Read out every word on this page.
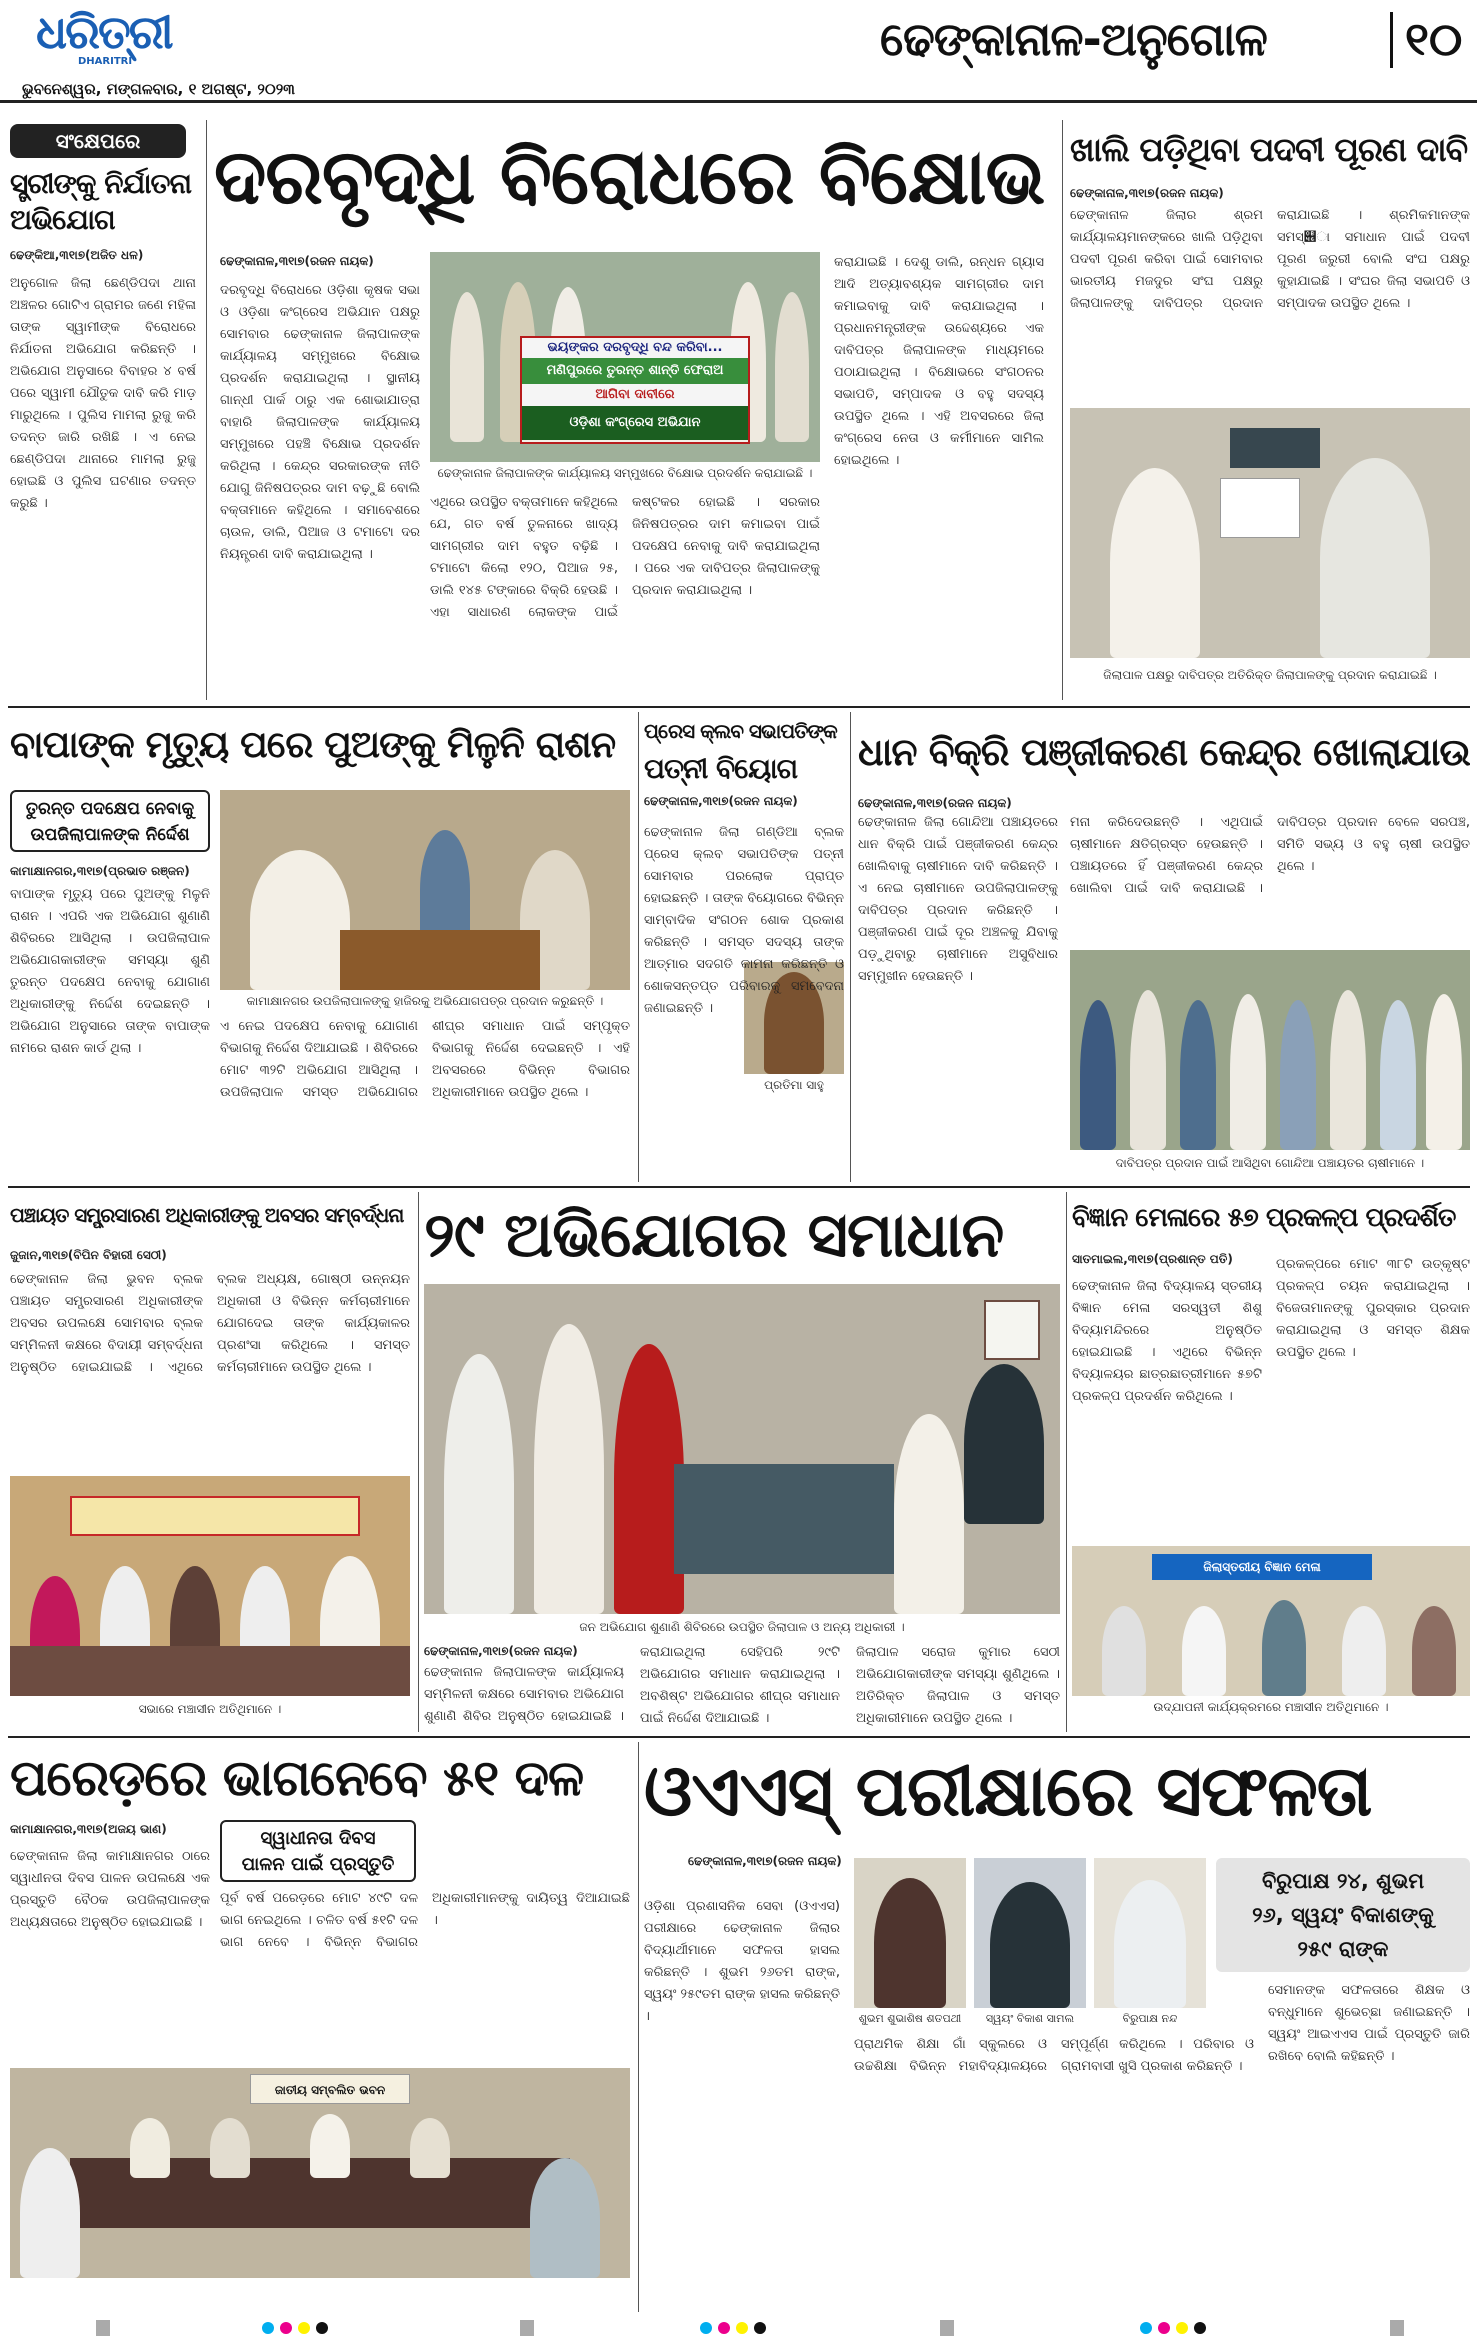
ଧରିତ୍ରୀ
DHARITRI
ଭୁବନେଶ୍ୱର, ମଙ୍ଗଳବାର, ୧ ଅଗଷ୍ଟ, ୨୦୨୩
ଢେଙ୍କାନାଳ-ଅନୁଗୋଳ	୧୦
ସଂକ୍ଷେପରେ
ସ୍ତ୍ରୀଙ୍କୁ ନିର୍ଯାତନା
ଅଭିଯୋଗ
ଢେଙ୍କିଆ,୩୧ା୭(ଅଜିତ ଧଳ)
ଅନୁଗୋଳ ଜିଲା ଛେଣ୍ଡିପଦା ଥାନା ଅଞ୍ଚଳର ଗୋଟିଏ ଗ୍ରାମର ଜଣେ ମହିଳା ତାଙ୍କ ସ୍ୱାମୀଙ୍କ ବିରୋଧରେ ନିର୍ଯାତନା ଅଭିଯୋଗ କରିଛନ୍ତି । ଅଭିଯୋଗ ଅନୁସାରେ ବିବାହର ୪ ବର୍ଷ ପରେ ସ୍ୱାମୀ ଯୌତୁକ ଦାବି କରି ମାଡ଼ ମାରୁଥିଲେ । ପୁଲିସ ମାମଲା ରୁଜୁ କରି ତଦନ୍ତ ଜାରି ରଖିଛି । ଏ ନେଇ ଛେଣ୍ଡିପଦା ଥାନାରେ ମାମଲା ରୁଜୁ ହୋଇଛି ଓ ପୁଲିସ ଘଟଣାର ତଦନ୍ତ କରୁଛି ।
ଦରବୃଦ୍ଧି ବିରୋଧରେ ବିକ୍ଷୋଭ
ଢେଙ୍କାନାଳ,୩୧ା୭(ରଜନ ନାୟକ)
ଭୟଙ୍କର ଦରବୃଦ୍ଧି ବନ୍ଦ କରିବା...
ମଣିପୁରରେ ତୁରନ୍ତ ଶାନ୍ତି ଫେରାଅ
ଆଗିବା ଦାବୀରେ
ଓଡ଼ିଶା କଂଗ୍ରେସ ଅଭିଯାନ
ଢେଙ୍କାନାଳ ଜିଲାପାଳଙ୍କ କାର୍ଯ୍ୟାଳୟ ସମ୍ମୁଖରେ ବିକ୍ଷୋଭ ପ୍ରଦର୍ଶନ କରାଯାଇଛି ।
ଦରବୃଦ୍ଧି ବିରୋଧରେ ଓଡ଼ିଶା କୃଷକ ସଭା ଓ ଓଡ଼ିଶା କଂଗ୍ରେସ ଅଭିଯାନ ପକ୍ଷରୁ ସୋମବାର ଢେଙ୍କାନାଳ ଜିଲାପାଳଙ୍କ କାର୍ଯ୍ୟାଳୟ ସମ୍ମୁଖରେ ବିକ୍ଷୋଭ ପ୍ରଦର୍ଶନ କରାଯାଇଥିଲା । ସ୍ଥାନୀୟ ଗାନ୍ଧୀ ପାର୍କ ଠାରୁ ଏକ ଶୋଭାଯାତ୍ରା ବାହାରି ଜିଲାପାଳଙ୍କ କାର୍ଯ୍ୟାଳୟ ସମ୍ମୁଖରେ ପହଞ୍ଚି ବିକ୍ଷୋଭ ପ୍ରଦର୍ଶନ କରିଥିଲା । କେନ୍ଦ୍ର ସରକାରଙ୍କ ନୀତି ଯୋଗୁ ଜିନିଷପତ୍ରର ଦାମ ବଢ଼ୁଛି ବୋଲି ବକ୍ତାମାନେ କହିଥିଲେ । ସମାବେଶରେ ଚାଉଳ, ଡାଲି, ପିଆଜ ଓ ଟମାଟୋ ଦର ନିୟନ୍ତ୍ରଣ ଦାବି କରାଯାଇଥିଲା ।
ଏଥିରେ ଉପସ୍ଥିତ ବକ୍ତାମାନେ କହିଥିଲେ ଯେ, ଗତ ବର୍ଷ ତୁଳନାରେ ଖାଦ୍ୟ ସାମଗ୍ରୀର ଦାମ ବହୁତ ବଢ଼ିଛି । ଟମାଟୋ କିଲୋ ୧୨୦, ପିଆଜ ୨୫, ଡାଲି ୧୪୫ ଟଙ୍କାରେ ବିକ୍ରି ହେଉଛି । ଏହା ସାଧାରଣ ଲୋକଙ୍କ ପାଇଁ କଷ୍ଟକର ହୋଇଛି । ସରକାର ଜିନିଷପତ୍ରର ଦାମ କମାଇବା ପାଇଁ ପଦକ୍ଷେପ ନେବାକୁ ଦାବି କରାଯାଇଥିଲା । ପରେ ଏକ ଦାବିପତ୍ର ଜିଲାପାଳଙ୍କୁ ପ୍ରଦାନ କରାଯାଇଥିଲା ।
କରାଯାଇଛି । ଦେଶୁ ଡାଲି, ରନ୍ଧନ ଗ୍ୟାସ ଆଦି ଅତ୍ୟାବଶ୍ୟକ ସାମଗ୍ରୀର ଦାମ କମାଇବାକୁ ଦାବି କରାଯାଇଥିଲା । ପ୍ରଧାନମନ୍ତ୍ରୀଙ୍କ ଉଦ୍ଦେଶ୍ୟରେ ଏକ ଦାବିପତ୍ର ଜିଲାପାଳଙ୍କ ମାଧ୍ୟମରେ ପଠାଯାଇଥିଲା । ବିକ୍ଷୋଭରେ ସଂଗଠନର ସଭାପତି, ସମ୍ପାଦକ ଓ ବହୁ ସଦସ୍ୟ ଉପସ୍ଥିତ ଥିଲେ । ଏହି ଅବସରରେ ଜିଲା କଂଗ୍ରେସ ନେତା ଓ କର୍ମୀମାନେ ସାମିଲ ହୋଇଥିଲେ ।
ଖାଲି ପଡ଼ିଥିବା ପଦବୀ ପୂରଣ ଦାବି
ଢେଙ୍କାନାଳ,୩୧ା୭(ରଜନ ନାୟକ)
ଢେଙ୍କାନାଳ ଜିଲାର ଶ୍ରମ କାର୍ଯ୍ୟାଳୟମାନଙ୍କରେ ଖାଲି ପଡ଼ିଥିବା ପଦବୀ ପୂରଣ କରିବା ପାଇଁ ସୋମବାର ଭାରତୀୟ ମଜଦୁର ସଂଘ ପକ୍ଷରୁ ଜିଲାପାଳଙ୍କୁ ଦାବିପତ୍ର ପ୍ରଦାନ କରାଯାଇଛି । ଶ୍ରମିକମାନଙ୍କ ସମସ୍୆ା ସମାଧାନ ପାଇଁ ପଦବୀ ପୂରଣ ଜରୁରୀ ବୋଲି ସଂଘ ପକ୍ଷରୁ କୁହାଯାଇଛି । ସଂଘର ଜିଲା ସଭାପତି ଓ ସମ୍ପାଦକ ଉପସ୍ଥିତ ଥିଲେ ।
ଜିଲାପାଳ ପକ୍ଷରୁ ଦାବିପତ୍ର ଅତିରିକ୍ତ ଜିଲାପାଳଙ୍କୁ ପ୍ରଦାନ କରାଯାଇଛି ।
ବାପାଙ୍କ ମୃତ୍ୟୁ ପରେ ପୁଅଙ୍କୁ ମିଳୁନି ରାଶନ
ତୁରନ୍ତ ପଦକ୍ଷେପ ନେବାକୁ
ଉପଜିଲାପାଳଙ୍କ ନିର୍ଦ୍ଦେଶ
କାମାକ୍ଷାନଗର,୩୧ା୭(ପ୍ରଭାତ ରଞ୍ଜନ)
ବାପାଙ୍କ ମୃତ୍ୟୁ ପରେ ପୁଅଙ୍କୁ ମିଳୁନି ରାଶନ । ଏପରି ଏକ ଅଭିଯୋଗ ଶୁଣାଣି ଶିବିରରେ ଆସିଥିଲା । ଉପଜିଲାପାଳ ଅଭିଯୋଗକାରୀଙ୍କ ସମସ୍ୟା ଶୁଣି ତୁରନ୍ତ ପଦକ୍ଷେପ ନେବାକୁ ଯୋଗାଣ ଅଧିକାରୀଙ୍କୁ ନିର୍ଦ୍ଦେଶ ଦେଇଛନ୍ତି । ଅଭିଯୋଗ ଅନୁସାରେ ତାଙ୍କ ବାପାଙ୍କ ନାମରେ ରାଶନ କାର୍ଡ ଥିଲା ।
କାମାକ୍ଷାନଗର ଉପଜିଲାପାଳଙ୍କୁ ହାଜିରକୁ ଅଭିଯୋଗପତ୍ର ପ୍ରଦାନ କରୁଛନ୍ତି ।
ଏ ନେଇ ପଦକ୍ଷେପ ନେବାକୁ ଯୋଗାଣ ବିଭାଗକୁ ନିର୍ଦ୍ଦେଶ ଦିଆଯାଇଛି । ଶିବିରରେ ମୋଟ ୩୨ଟି ଅଭିଯୋଗ ଆସିଥିଲା । ଉପଜିଲାପାଳ ସମସ୍ତ ଅଭିଯୋଗର ଶୀଘ୍ର ସମାଧାନ ପାଇଁ ସମ୍ପୃକ୍ତ ବିଭାଗକୁ ନିର୍ଦ୍ଦେଶ ଦେଇଛନ୍ତି । ଏହି ଅବସରରେ ବିଭିନ୍ନ ବିଭାଗର ଅଧିକାରୀମାନେ ଉପସ୍ଥିତ ଥିଲେ ।
ପ୍ରେସ କ୍ଲବ ସଭାପତିଙ୍କ
ପତ୍ନୀ ବିୟୋଗ
ଢେଙ୍କାନାଳ,୩୧ା୭(ରଜନ ନାୟକ)
ପ୍ରତିମା ସାହୁ
ଢେଙ୍କାନାଳ ଜିଲା ଗଣ୍ଡିଆ ବ୍ଲକ ପ୍ରେସ କ୍ଲବ ସଭାପତିଙ୍କ ପତ୍ନୀ ସୋମବାର ପରଲୋକ ପ୍ରାପ୍ତ ହୋଇଛନ୍ତି । ତାଙ୍କ ବିୟୋଗରେ ବିଭିନ୍ନ ସାମ୍ବାଦିକ ସଂଗଠନ ଶୋକ ପ୍ରକାଶ କରିଛନ୍ତି । ସମସ୍ତ ସଦସ୍ୟ ତାଙ୍କ ଆତ୍ମାର ସଦଗତି କାମନା କରିଛନ୍ତି ଓ ଶୋକସନ୍ତପ୍ତ ପରିବାରକୁ ସମବେଦନା ଜଣାଇଛନ୍ତି ।
ଧାନ ବିକ୍ରି ପଞ୍ଜୀକରଣ କେନ୍ଦ୍ର ଖୋଲାଯାଉ
ଢେଙ୍କାନାଳ,୩୧ା୭(ରଜନ ନାୟକ)
ଢେଙ୍କାନାଳ ଜିଲା ଗୋନ୍ଦିଆ ପଞ୍ଚାୟତରେ ଧାନ ବିକ୍ରି ପାଇଁ ପଞ୍ଜୀକରଣ କେନ୍ଦ୍ର ଖୋଲିବାକୁ ଚାଷୀମାନେ ଦାବି କରିଛନ୍ତି । ଏ ନେଇ ଚାଷୀମାନେ ଉପଜିଲାପାଳଙ୍କୁ ଦାବିପତ୍ର ପ୍ରଦାନ କରିଛନ୍ତି । ପଞ୍ଜୀକରଣ ପାଇଁ ଦୂର ଅଞ୍ଚଳକୁ ଯିବାକୁ ପଡ଼ୁଥିବାରୁ ଚାଷୀମାନେ ଅସୁବିଧାର ସମ୍ମୁଖୀନ ହେଉଛନ୍ତି ।
ମନା କରିଦେଉଛନ୍ତି । ଏଥିପାଇଁ ଚାଷୀମାନେ କ୍ଷତିଗ୍ରସ୍ତ ହେଉଛନ୍ତି । ପଞ୍ଚାୟତରେ ହିଁ ପଞ୍ଜୀକରଣ କେନ୍ଦ୍ର ଖୋଲିବା ପାଇଁ ଦାବି କରାଯାଇଛି । ଦାବିପତ୍ର ପ୍ରଦାନ ବେଳେ ସରପଞ୍ଚ, ସମିତି ସଭ୍ୟ ଓ ବହୁ ଚାଷୀ ଉପସ୍ଥିତ ଥିଲେ ।
ଦାବିପତ୍ର ପ୍ରଦାନ ପାଇଁ ଆସିଥିବା ଗୋନ୍ଦିଆ ପଞ୍ଚାୟତର ଚାଷୀମାନେ ।
ପଞ୍ଚାୟତ ସମ୍ପ୍ରସାରଣ ଅଧିକାରୀଙ୍କୁ ଅବସର ସମ୍ବର୍ଦ୍ଧନା
ଜୁଜାନ,୩୧ା୭(ବିପିନ ବିହାରୀ ସେଠୀ)
ଢେଙ୍କାନାଳ ଜିଲା ଭୁବନ ବ୍ଲକ ପଞ୍ଚାୟତ ସମ୍ପ୍ରସାରଣ ଅଧିକାରୀଙ୍କ ଅବସର ଉପଲକ୍ଷେ ସୋମବାର ବ୍ଲକ ସମ୍ମିଳନୀ କକ୍ଷରେ ବିଦାୟୀ ସମ୍ବର୍ଦ୍ଧନା ଅନୁଷ୍ଠିତ ହୋଇଯାଇଛି । ଏଥିରେ ବ୍ଲକ ଅଧ୍ୟକ୍ଷ, ଗୋଷ୍ଠୀ ଉନ୍ନୟନ ଅଧିକାରୀ ଓ ବିଭିନ୍ନ କର୍ମଚାରୀମାନେ ଯୋଗଦେଇ ତାଙ୍କ କାର୍ଯ୍ୟକାଳର ପ୍ରଶଂସା କରିଥିଲେ । ସମସ୍ତ କର୍ମଚାରୀମାନେ ଉପସ୍ଥିତ ଥିଲେ ।
ସଭାରେ ମଞ୍ଚାସୀନ ଅତିଥିମାନେ ।
୨୯ ଅଭିଯୋଗର ସମାଧାନ
ଜନ ଅଭିଯୋଗ ଶୁଣାଣି ଶିବିରରେ ଉପସ୍ଥିତ ଜିଲାପାଳ ଓ ଅନ୍ୟ ଅଧିକାରୀ ।
ଢେଙ୍କାନାଳ,୩୧ା୭(ରଜନ ନାୟକ)
ଢେଙ୍କାନାଳ ଜିଲାପାଳଙ୍କ କାର୍ଯ୍ୟାଳୟ ସମ୍ମିଳନୀ କକ୍ଷରେ ସୋମବାର ଅଭିଯୋଗ ଶୁଣାଣି ଶିବିର ଅନୁଷ୍ଠିତ ହୋଇଯାଇଛି ।
କରାଯାଇଥିଲା ସେହିପରି ୨୯ଟି ଅଭିଯୋଗର ସମାଧାନ କରାଯାଇଥିଲା । ଅବଶିଷ୍ଟ ଅଭିଯୋଗର ଶୀଘ୍ର ସମାଧାନ ପାଇଁ ନିର୍ଦ୍ଦେଶ ଦିଆଯାଇଛି ।
ଜିଲାପାଳ ସରୋଜ କୁମାର ସେଠୀ ଅଭିଯୋଗକାରୀଙ୍କ ସମସ୍ୟା ଶୁଣିଥିଲେ । ଅତିରିକ୍ତ ଜିଲାପାଳ ଓ ସମସ୍ତ ଅଧିକାରୀମାନେ ଉପସ୍ଥିତ ଥିଲେ ।
ବିଜ୍ଞାନ ମେଳାରେ ୫୭ ପ୍ରକଳ୍ପ ପ୍ରଦର୍ଶିତ
ସାତମାଇଲ,୩୧ା୭(ପ୍ରଶାନ୍ତ ପତି)
ଢେଙ୍କାନାଳ ଜିଲା ବିଦ୍ୟାଳୟ ସ୍ତରୀୟ ବିଜ୍ଞାନ ମେଳା ସରସ୍ୱତୀ ଶିଶୁ ବିଦ୍ୟାମନ୍ଦିରରେ ଅନୁଷ୍ଠିତ ହୋଇଯାଇଛି । ଏଥିରେ ବିଭିନ୍ନ ବିଦ୍ୟାଳୟର ଛାତ୍ରଛାତ୍ରୀମାନେ ୫୭ଟି ପ୍ରକଳ୍ପ ପ୍ରଦର୍ଶନ କରିଥିଲେ ।
ପ୍ରକଳ୍ପରେ ମୋଟ ୩୮ଟି ଉତ୍କୃଷ୍ଟ ପ୍ରକଳ୍ପ ଚୟନ କରାଯାଇଥିଲା । ବିଜେତାମାନଙ୍କୁ ପୁରସ୍କାର ପ୍ରଦାନ କରାଯାଇଥିଲା ଓ ସମସ୍ତ ଶିକ୍ଷକ ଉପସ୍ଥିତ ଥିଲେ ।
ଜିଲାସ୍ତରୀୟ ବିଜ୍ଞାନ ମେଳା
ଉଦ୍‌ଯାପନୀ କାର୍ଯ୍ୟକ୍ରମରେ ମଞ୍ଚାସୀନ ଅତିଥିମାନେ ।
ପରେଡ଼ରେ ଭାଗନେବେ ୫୧ ଦଳ
କାମାକ୍ଷାନଗର,୩୧ା୭(ଅଜୟ ଭାଣ)	ସ୍ୱାଧୀନତା ଦିବସ
ପାଳନ ପାଇଁ ପ୍ରସ୍ତୁତି
ଢେଙ୍କାନାଳ ଜିଲା କାମାକ୍ଷାନଗର ଠାରେ ସ୍ୱାଧୀନତା ଦିବସ ପାଳନ ଉପଲକ୍ଷେ ଏକ ପ୍ରସ୍ତୁତି ବୈଠକ ଉପଜିଲାପାଳଙ୍କ ଅଧ୍ୟକ୍ଷତାରେ ଅନୁଷ୍ଠିତ ହୋଇଯାଇଛି ।
ପୂର୍ବ ବର୍ଷ ପରେଡ଼ରେ ମୋଟ ୪୯ଟି ଦଳ ଭାଗ ନେଇଥିଲେ । ଚଳିତ ବର୍ଷ ୫୧ଟି ଦଳ ଭାଗ ନେବେ । ବିଭିନ୍ନ ବିଭାଗର ଅଧିକାରୀମାନଙ୍କୁ ଦାୟିତ୍ୱ ଦିଆଯାଇଛି ।
ଜାତୀୟ ସମ୍ବଲିତ ଭବନ
ଓଏଏସ୍ ପରୀକ୍ଷାରେ ସଫଳତା
ଢେଙ୍କାନାଳ,୩୧ା୭(ରଜନ ନାୟକ)
ଓଡ଼ିଶା ପ୍ରଶାସନିକ ସେବା (ଓଏଏସ) ପରୀକ୍ଷାରେ ଢେଙ୍କାନାଳ ଜିଲାର ବିଦ୍ୟାର୍ଥୀମାନେ ସଫଳତା ହାସଲ କରିଛନ୍ତି । ଶୁଭମ ୨୬ତମ ରାଙ୍କ, ସ୍ୱୟଂ ୨୫୯ତମ ରାଙ୍କ ହାସଲ କରିଛନ୍ତି ।	ଶୁଭମ ଶୁଭାଶିଷ ଶତପଥୀ	ସ୍ୱୟଂ ବିକାଶ ସାମଲ	ବିରୁପାକ୍ଷ ନନ୍ଦ
ବିରୁପାକ୍ଷ ୨୪, ଶୁଭମ
୨୬, ସ୍ୱୟଂ ବିକାଶଙ୍କୁ
୨୫୯ ରାଙ୍କ
ପ୍ରାଥମିକ ଶିକ୍ଷା ଗାଁ ସ୍କୁଲରେ ଓ ଉଚ୍ଚଶିକ୍ଷା ବିଭିନ୍ନ ମହାବିଦ୍ୟାଳୟରେ ସମ୍ପୂର୍ଣ୍ଣ କରିଥିଲେ । ପରିବାର ଓ ଗ୍ରାମବାସୀ ଖୁସି ପ୍ରକାଶ କରିଛନ୍ତି ।
ସେମାନଙ୍କ ସଫଳତାରେ ଶିକ୍ଷକ ଓ ବନ୍ଧୁମାନେ ଶୁଭେଚ୍ଛା ଜଣାଇଛନ୍ତି । ସ୍ୱୟଂ ଆଇଏଏସ ପାଇଁ ପ୍ରସ୍ତୁତି ଜାରି ରଖିବେ ବୋଲି କହିଛନ୍ତି ।
